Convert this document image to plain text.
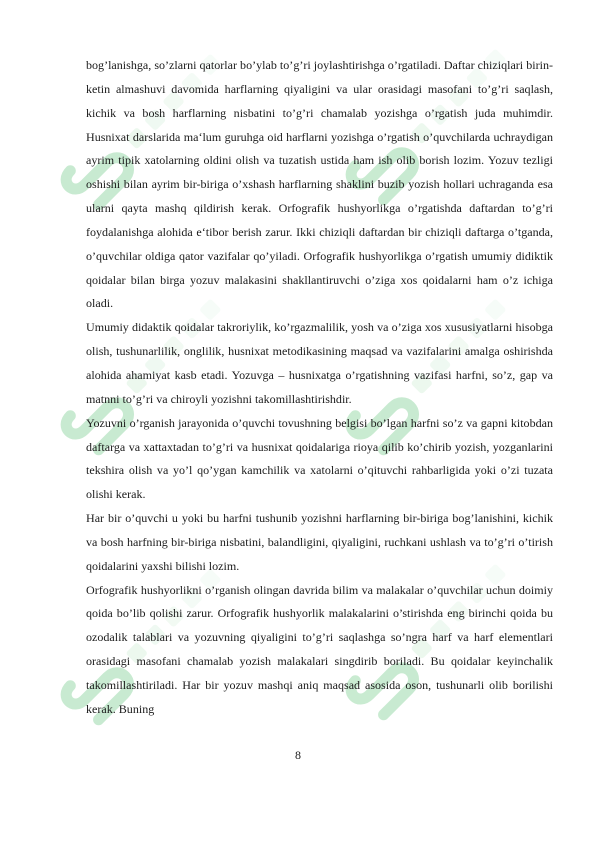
bog’lanishga, so’zlarni qatorlar bo’ylab to’g’ri joylashtirishga o’rgatiladi. Daftar chiziqlari birin-ketin almashuvi davomida harflarning qiyaligini va ular orasidagi masofani to’g’ri saqlash, kichik va bosh harflarning nisbatini to’g’ri chamalab yozishga o’rgatish juda muhimdir. Husnixat darslarida ma‘lum guruhga oid harflarni yozishga o’rgatish o’quvchilarda uchraydigan ayrim tipik xatolarning oldini olish va tuzatish ustida ham ish olib borish lozim. Yozuv tezligi oshishi bilan ayrim bir-biriga o’xshash harflarning shaklini buzib yozish hollari uchraganda esa ularni qayta mashq qildirish kerak. Orfografik hushyorlikga o’rgatishda daftardan to’g’ri foydalanishga alohida e‘tibor berish zarur. Ikki chiziqli daftardan bir chiziqli daftarga o’tganda, o’quvchilar oldiga qator vazifalar qo’yiladi. Orfografik hushyorlikga o’rgatish umumiy didiktik qoidalar bilan birga yozuv malakasini shakllantiruvchi o’ziga xos qoidalarni ham o’z ichiga oladi.

Umumiy didaktik qoidalar takroriylik, ko’rgazmalilik, yosh va o’ziga xos xususiyatlarni hisobga olish, tushunarlilik, onglilik, husnixat metodikasining maqsad va vazifalarini amalga oshirishda alohida ahamiyat kasb etadi. Yozuvga – husnixatga o’rgatishning vazifasi harfni, so’z, gap va matnni to’g’ri va chiroyli yozishni takomillashtirishdir.

Yozuvni o’rganish jarayonida o’quvchi tovushning belgisi bo’lgan harfni so’z va gapni kitobdan daftarga va xattaxtadan to’g’ri va husnixat qoidalariga rioya qilib ko’chirib yozish, yozganlarini tekshira olish va yo’l qo’ygan kamchilik va xatolarni o’qituvchi rahbarligida yoki o’zi tuzata olishi kerak.

Har bir o’quvchi u yoki bu harfni tushunib yozishni harflarning bir-biriga bog’lanishini, kichik va bosh harfning bir-biriga nisbatini, balandligini, qiyaligini, ruchkani ushlash va to’g’ri o’tirish qoidalarini yaxshi bilishi lozim.

Orfografik hushyorlikni o’rganish olingan davrida bilim va malakalar o’quvchilar uchun doimiy qoida bo’lib qolishi zarur. Orfografik hushyorlik malakalarini o’stirishda eng birinchi qoida bu ozodalik talablari va yozuvning qiyaligini to’g’ri saqlashga so’ngra harf va harf elementlari orasidagi masofani chamalab yozish malakalari singdirib boriladi. Bu qoidalar keyinchalik takomillashtiriladi. Har bir yozuv mashqi aniq maqsad asosida oson, tushunarli olib borilishi kerak. Buning

8
